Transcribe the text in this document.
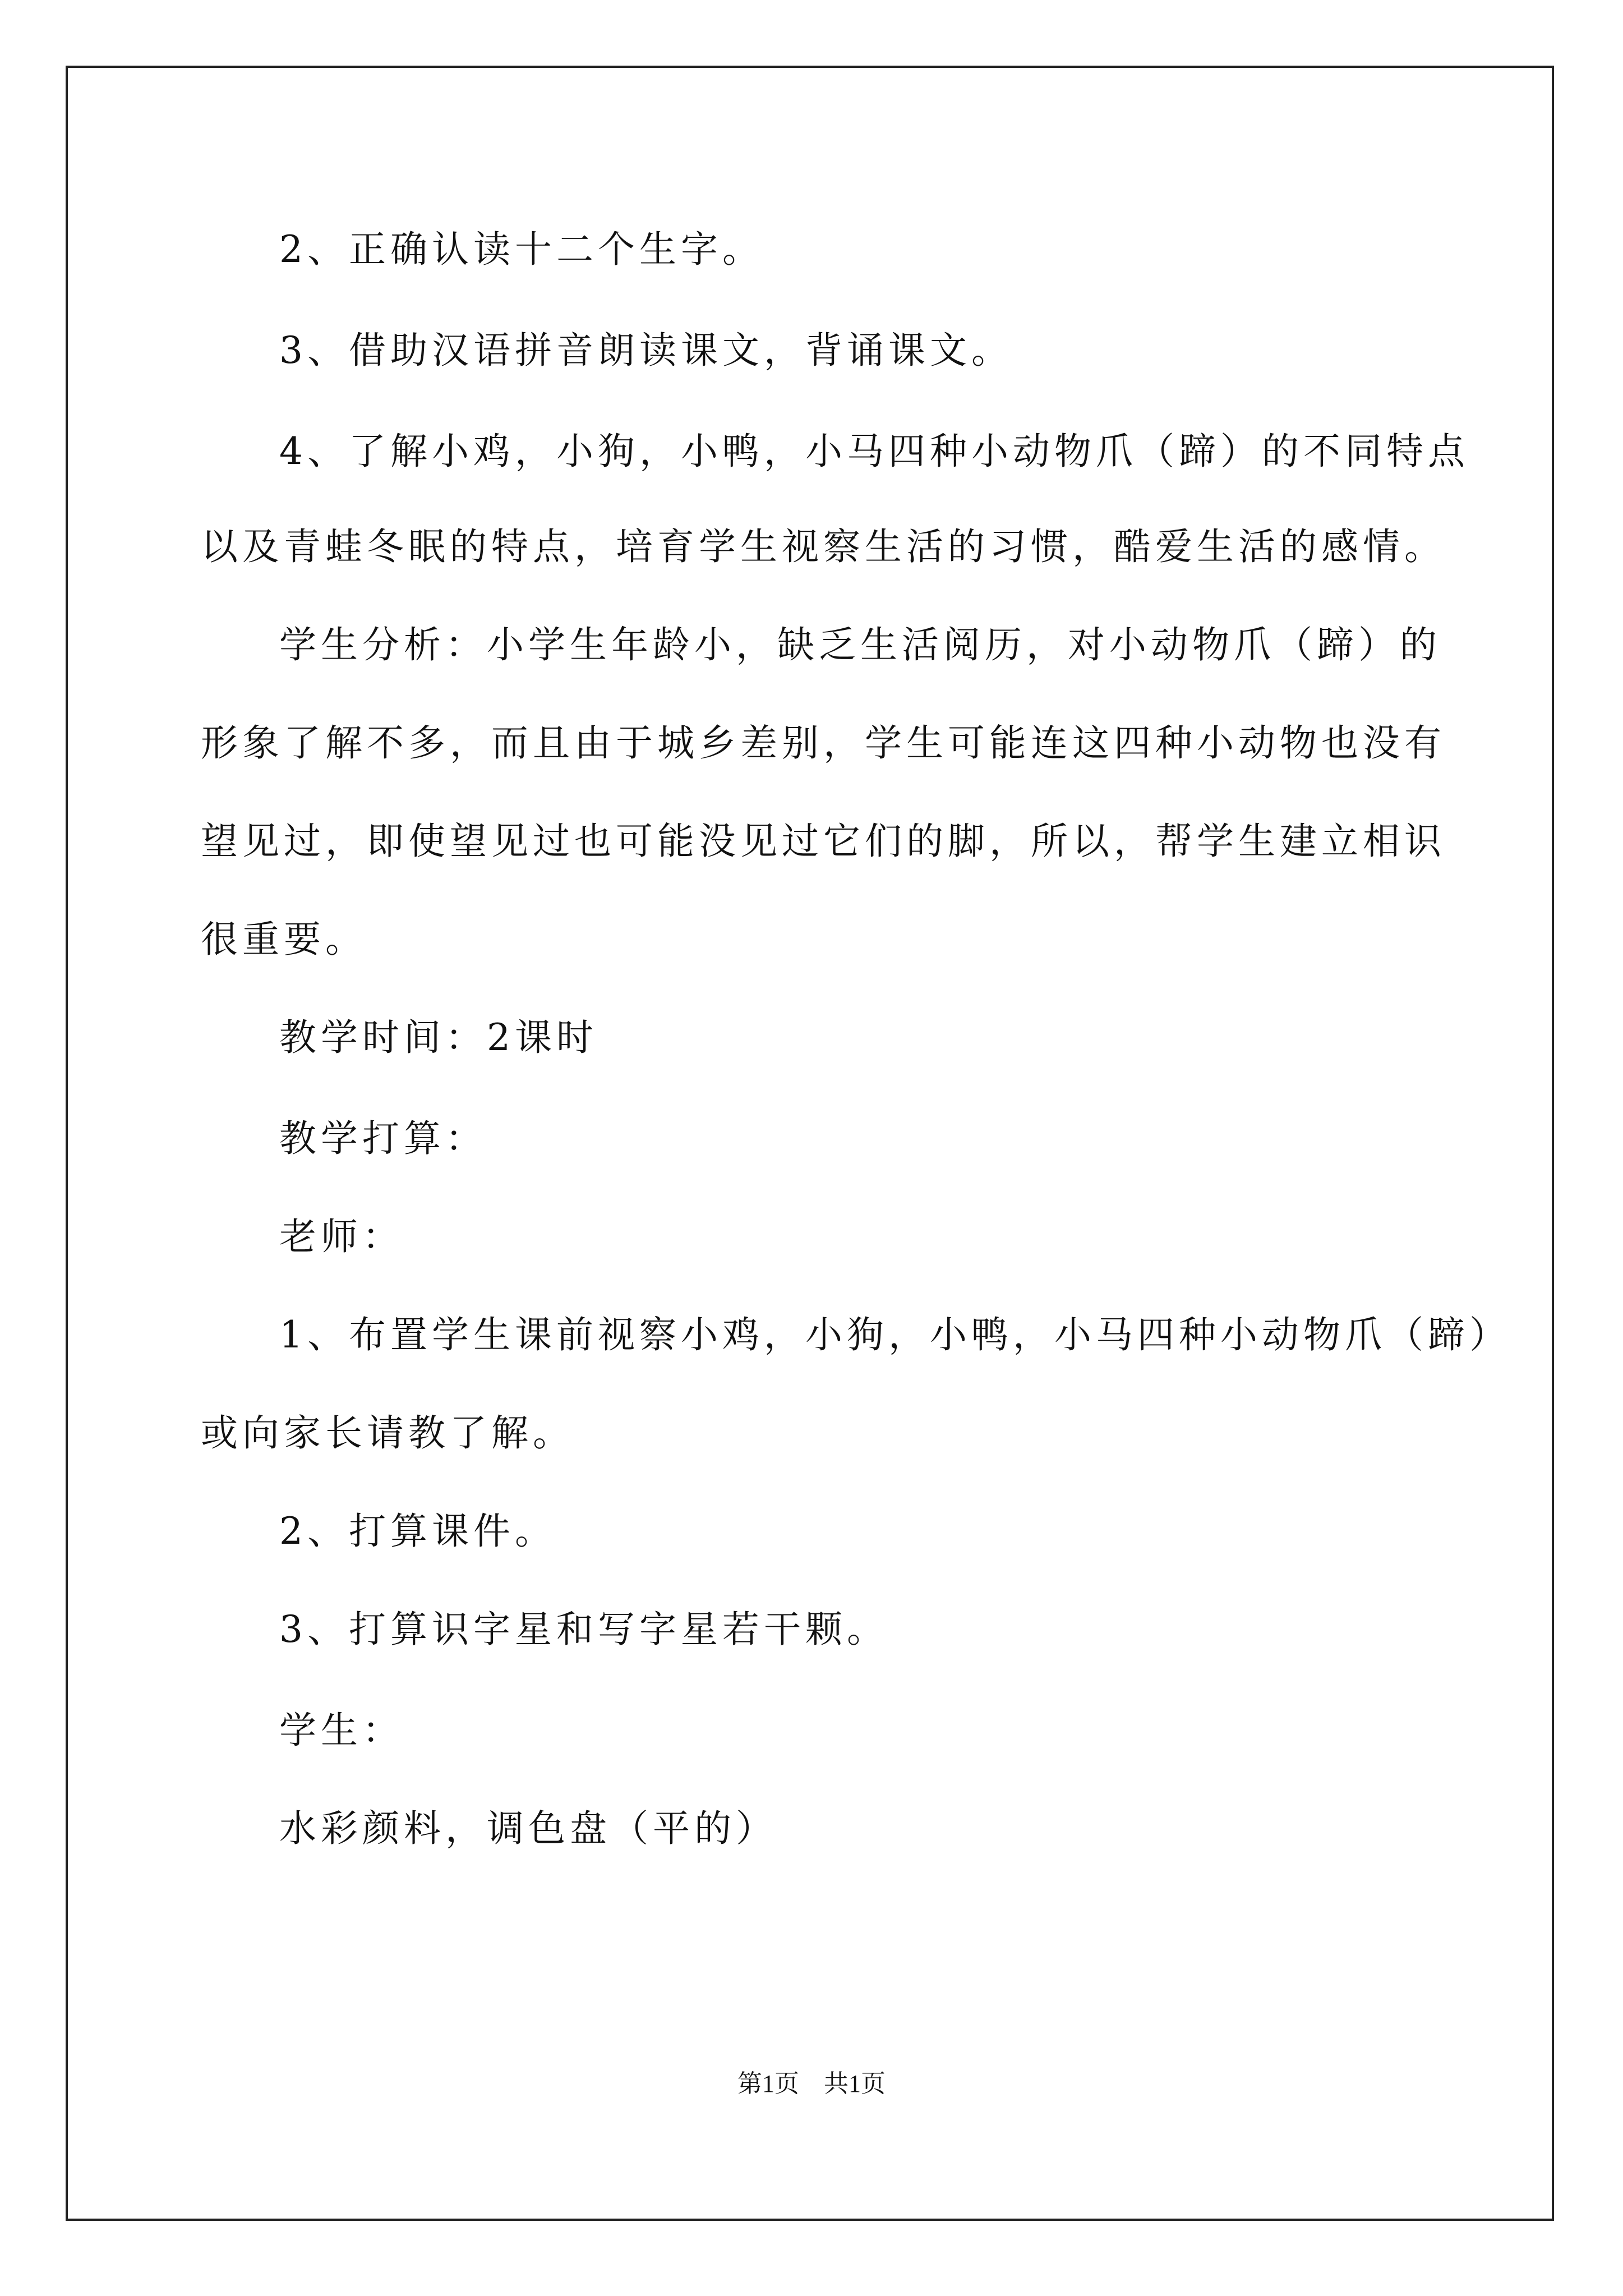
2、正确认读十二个生字。
3、借助汉语拼音朗读课文，背诵课文。
4、了解小鸡，小狗，小鸭，小马四种小动物爪（蹄）的不同特点
以及青蛙冬眠的特点，培育学生视察生活的习惯，酷爱生活的感情。
学生分析：小学生年龄小，缺乏生活阅历，对小动物爪（蹄）的
形象了解不多，而且由于城乡差别，学生可能连这四种小动物也没有
望见过，即使望见过也可能没见过它们的脚，所以，帮学生建立相识
很重要。
教学时间：2课时
教学打算：
老师：
1、布置学生课前视察小鸡，小狗，小鸭，小马四种小动物爪（蹄）
或向家长请教了解。
2、打算课件。
3、打算识字星和写字星若干颗。
学生：
水彩颜料，调色盘（平的）
第1页　共1页
